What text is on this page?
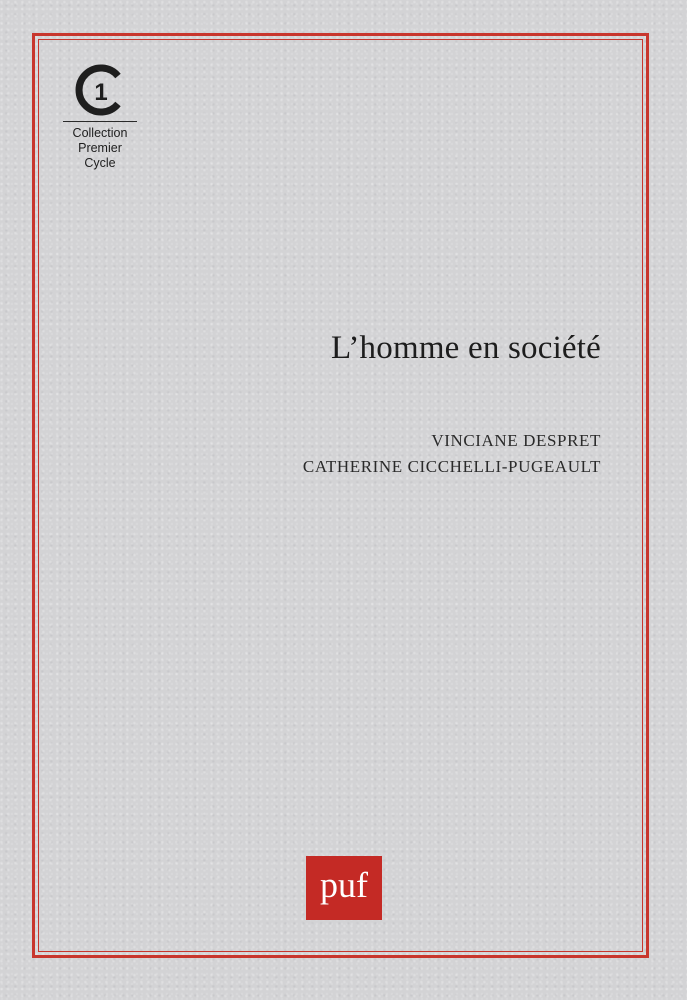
1
Collection
Premier
Cycle
L’homme en société
VINCIANE DESPRET
CATHERINE CICCHELLI-PUGEAULT
puf
